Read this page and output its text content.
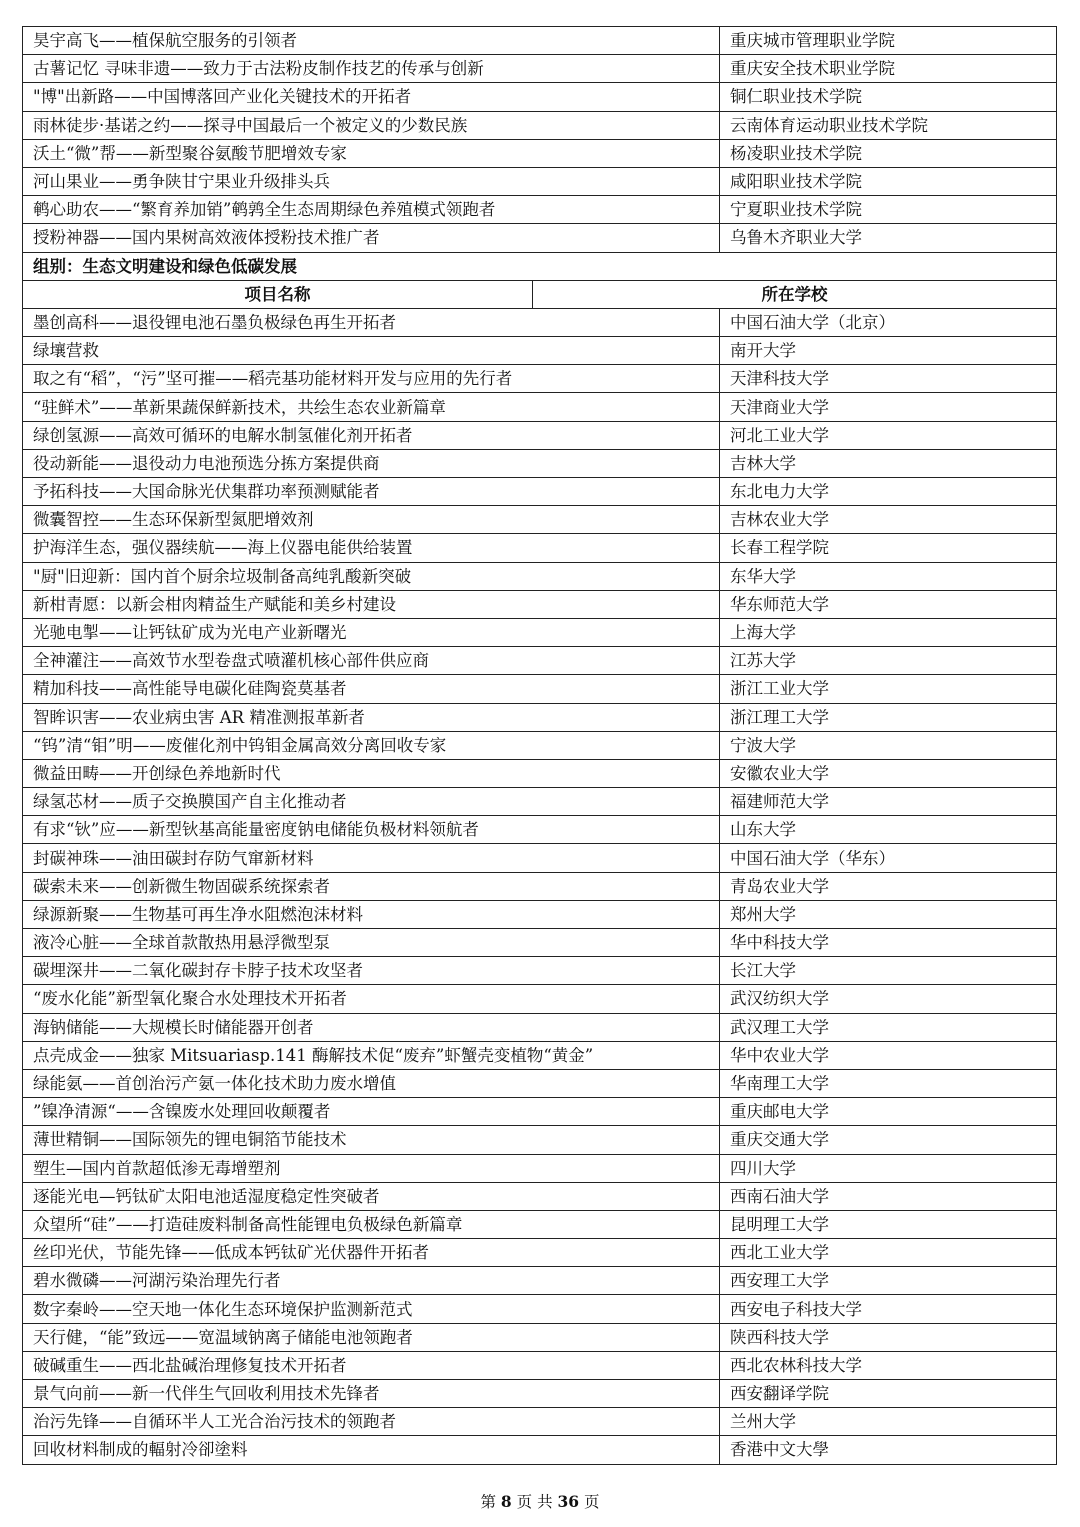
昊宇高飞——植保航空服务的引领者		重庆城市管理职业学院
古薯记忆 寻味非遗——致力于古法粉皮制作技艺的传承与创新		重庆安全技术职业学院
"博"出新路——中国博落回产业化关键技术的开拓者		铜仁职业技术学院
雨林徒步·基诺之约——探寻中国最后一个被定义的少数民族		云南体育运动职业技术学院
沃土“微”帮——新型聚谷氨酸节肥增效专家		杨凌职业技术学院
河山果业——勇争陕甘宁果业升级排头兵		咸阳职业技术学院
鹌心助农——“繁育养加销”鹌鹑全生态周期绿色养殖模式领跑者		宁夏职业技术学院
授粉神器——国内果树高效液体授粉技术推广者		乌鲁木齐职业大学
组别：生态文明建设和绿色低碳发展		
项目名称	所在学校	
墨创高科——退役锂电池石墨负极绿色再生开拓者		中国石油大学（北京）
绿壤营救		南开大学
取之有“稻”，“污”坚可摧——稻壳基功能材料开发与应用的先行者		天津科技大学
“驻鲜术”——革新果蔬保鲜新技术，共绘生态农业新篇章		天津商业大学
绿创氢源——高效可循环的电解水制氢催化剂开拓者		河北工业大学
役动新能——退役动力电池预选分拣方案提供商		吉林大学
予拓科技——大国命脉光伏集群功率预测赋能者		东北电力大学
微囊智控——生态环保新型氮肥增效剂		吉林农业大学
护海洋生态，强仪器续航——海上仪器电能供给装置		长春工程学院
"厨"旧迎新：国内首个厨余垃圾制备高纯乳酸新突破		东华大学
新柑青愿：以新会柑肉精益生产赋能和美乡村建设		华东师范大学
光驰电掣——让钙钛矿成为光电产业新曙光		上海大学
全神灌注——高效节水型卷盘式喷灌机核心部件供应商		江苏大学
精加科技——高性能导电碳化硅陶瓷莫基者		浙江工业大学
智眸识害——农业病虫害 AR 精准测报革新者		浙江理工大学
“钨”清“钼”明——废催化剂中钨钼金属高效分离回收专家		宁波大学
微益田畴——开创绿色养地新时代		安徽农业大学
绿氢芯材——质子交换膜国产自主化推动者		福建师范大学
有求“钬”应——新型钬基高能量密度钠电储能负极材料领航者		山东大学
封碳神珠——油田碳封存防气窜新材料		中国石油大学（华东）
碳索未来——创新微生物固碳系统探索者		青岛农业大学
绿源新聚——生物基可再生净水阻燃泡沫材料		郑州大学
液冷心脏——全球首款散热用悬浮微型泵		华中科技大学
碳埋深井——二氧化碳封存卡脖子技术攻坚者		长江大学
“废水化能”新型氧化聚合水处理技术开拓者		武汉纺织大学
海钠储能——大规模长时储能器开创者		武汉理工大学
点壳成金——独家 Mitsuariasp.141 酶解技术促“废弃”虾蟹壳变植物“黄金”		华中农业大学
绿能氨——首创治污产氨一体化技术助力废水增值		华南理工大学
”镍净清源“——含镍废水处理回收颠覆者		重庆邮电大学
薄世精铜——国际领先的锂电铜箔节能技术		重庆交通大学
塑生—国内首款超低渗无毒增塑剂		四川大学
逐能光电—钙钛矿太阳电池适湿度稳定性突破者		西南石油大学
众望所“硅”——打造硅废料制备高性能锂电负极绿色新篇章		昆明理工大学
丝印光伏，节能先锋——低成本钙钛矿光伏器件开拓者		西北工业大学
碧水微磷——河湖污染治理先行者		西安理工大学
数字秦岭——空天地一体化生态环境保护监测新范式		西安电子科技大学
天行健，“能”致远——宽温域钠离子储能电池领跑者		陕西科技大学
破碱重生——西北盐碱治理修复技术开拓者		西北农林科技大学
景气向前——新一代伴生气回收利用技术先锋者		西安翻译学院
治污先锋——自循环半人工光合治污技术的领跑者		兰州大学
回收材料制成的輻射冷卻塗料		香港中文大學
第 8 页 共 36 页
